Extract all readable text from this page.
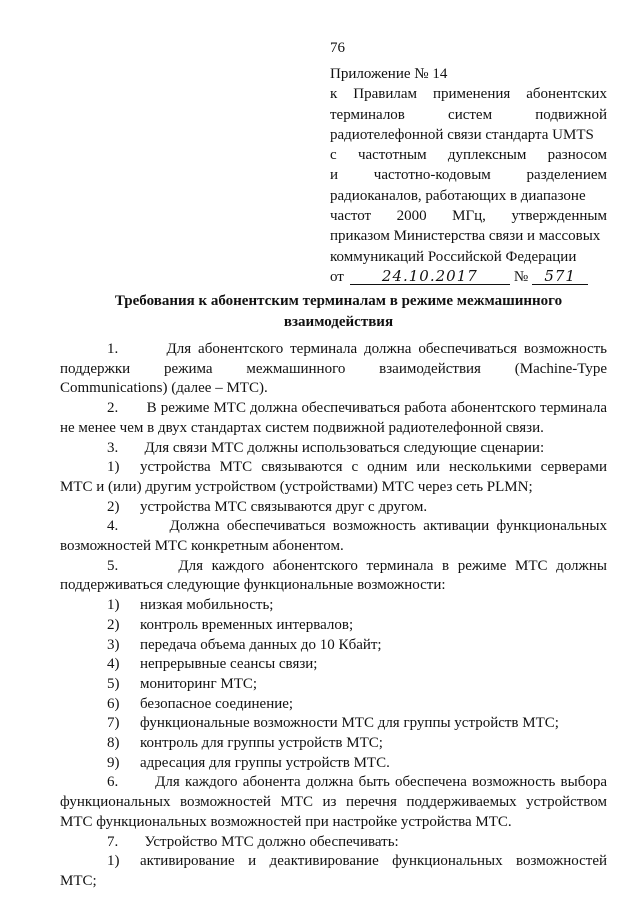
76
Приложение № 14
к Правилам применения абонентских
терминалов	систем	подвижной
радиотелефонной связи стандарта UMTS
с частотным дуплексным разносом
и частотно-кодовым разделением
радиоканалов, работающих в диапазоне
частот 2000 МГц, утвержденным
приказом Министерства связи и массовых
коммуникаций Российской Федерации
от	24.10.2017	№	571
Требования к абонентским терминалам в режиме межмашинного
взаимодействия

1.       Для абонентского терминала должна обеспечиваться возможность

поддержки режима межмашинного взаимодействия (Machine-Type

Communications) (далее – МТС).

2.       В режиме МТС должна обеспечиваться работа абонентского терминала

не менее чем в двух стандартах систем подвижной радиотелефонной связи.

3.       Для связи МТС должны использоваться следующие сценарии:

1)	устройства МТС связываются с одним или несколькими серверами

МТС и (или) другим устройством (устройствами) МТС через сеть PLMN;

2)	устройства МТС связываются друг с другом.

4.       Должна обеспечиваться возможность активации функциональных

возможностей МТС конкретным абонентом.

5.       Для каждого абонентского терминала в режиме МТС должны

поддерживаться следующие функциональные возможности:

1)	низкая мобильность;
2)	контроль временных интервалов;
3)	передача объема данных до 10 Кбайт;
4)	непрерывные сеансы связи;
5)	мониторинг МТС;
6)	безопасное соединение;
7)	функциональные возможности МТС для группы устройств МТС;
8)	контроль для группы устройств МТС;
9)	адресация для группы устройств МТС.

6.       Для каждого абонента должна быть обеспечена возможность выбора

функциональных возможностей МТС из перечня поддерживаемых устройством

МТС функциональных возможностей при настройке устройства МТС.

7.       Устройство МТС должно обеспечивать:

1)	активирование и деактивирование функциональных возможностей

МТС;
